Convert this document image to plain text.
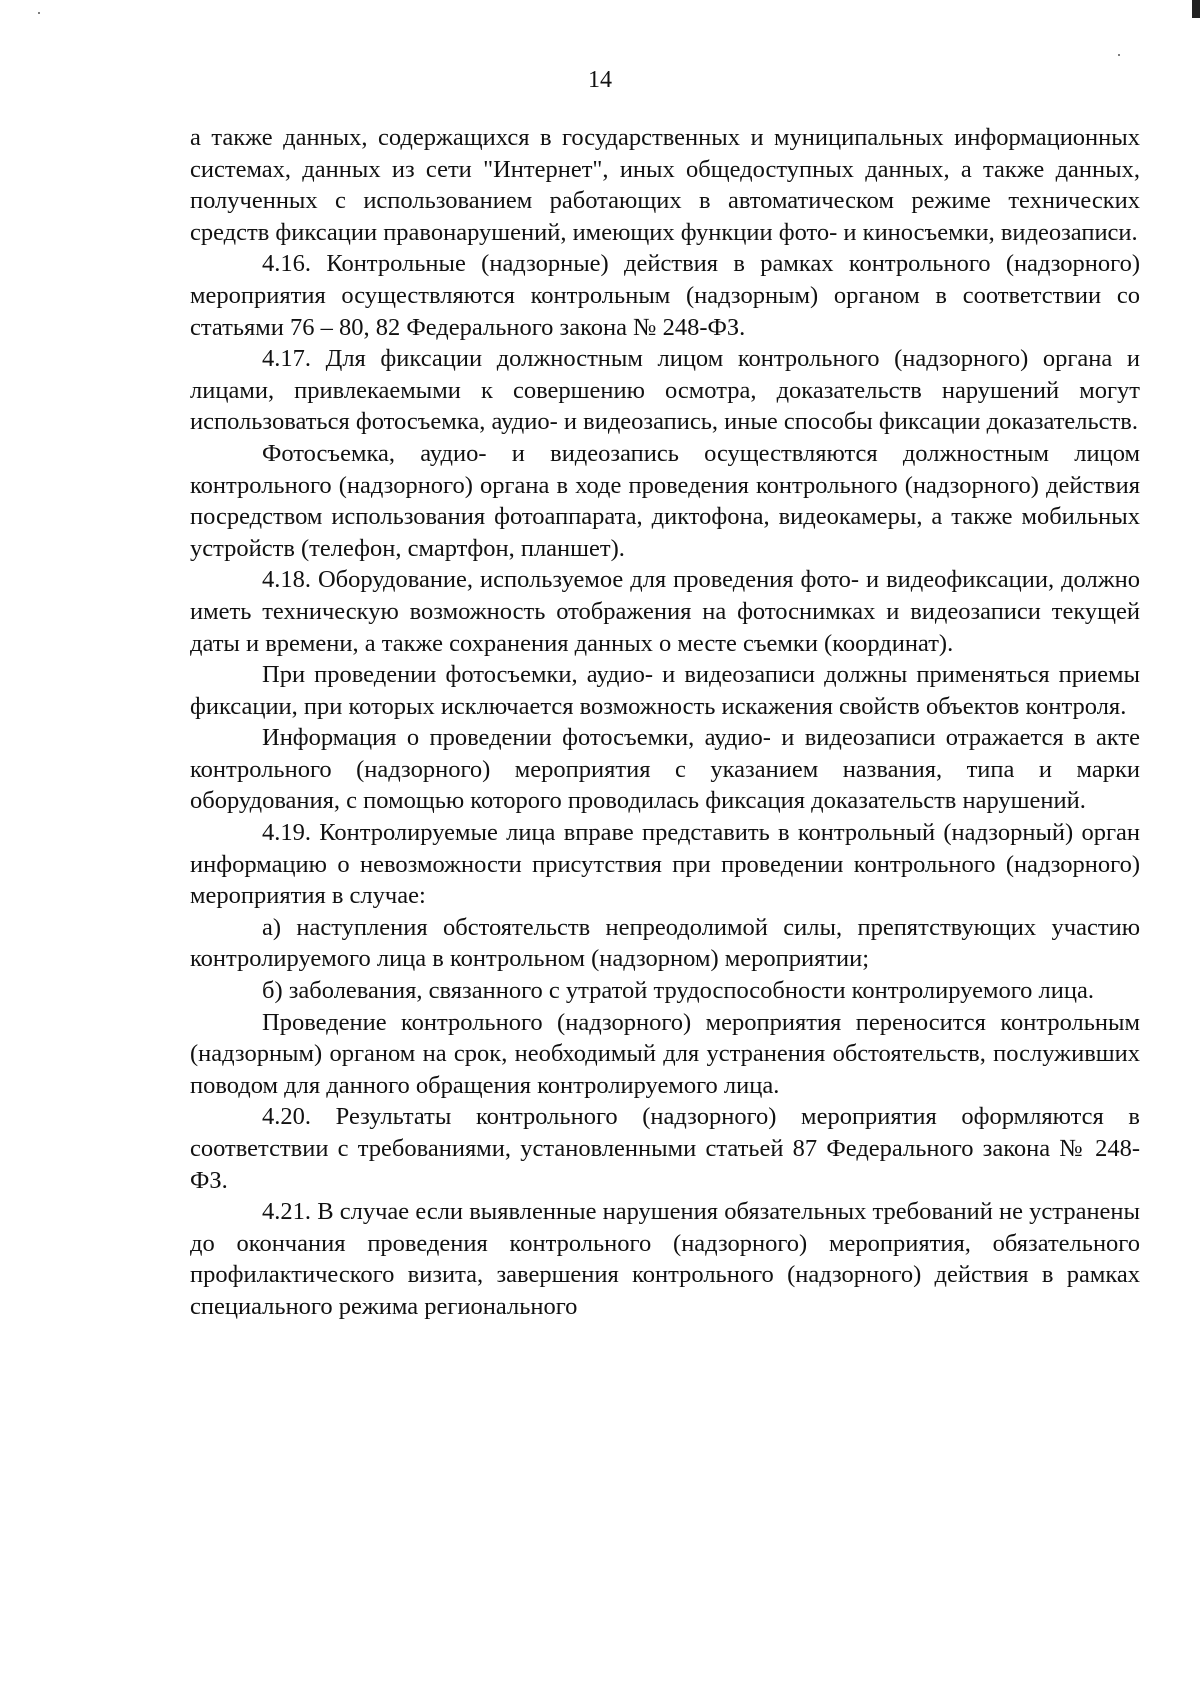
14

а также данных, содержащихся в государственных и муниципальных информационных системах, данных из сети "Интернет", иных общедоступных данных, а также данных, полученных с использованием работающих в автоматическом режиме технических средств фиксации правонарушений, имеющих функции фото- и киносъемки, видеозаписи.

4.16. Контрольные (надзорные) действия в рамках контрольного (надзорного) мероприятия осуществляются контрольным (надзорным) органом в соответствии со статьями 76 – 80, 82 Федерального закона № 248-ФЗ.

4.17. Для фиксации должностным лицом контрольного (надзорного) органа и лицами, привлекаемыми к совершению осмотра, доказательств нарушений могут использоваться фотосъемка, аудио- и видеозапись, иные способы фиксации доказательств.

Фотосъемка, аудио- и видеозапись осуществляются должностным лицом контрольного (надзорного) органа в ходе проведения контрольного (надзорного) действия посредством использования фотоаппарата, диктофона, видеокамеры, а также мобильных устройств (телефон, смартфон, планшет).

4.18. Оборудование, используемое для проведения фото- и видеофиксации, должно иметь техническую возможность отображения на фотоснимках и видеозаписи текущей даты и времени, а также сохранения данных о месте съемки (координат).

При проведении фотосъемки, аудио- и видеозаписи должны применяться приемы фиксации, при которых исключается возможность искажения свойств объектов контроля.

Информация о проведении фотосъемки, аудио- и видеозаписи отражается в акте контрольного (надзорного) мероприятия с указанием названия, типа и марки оборудования, с помощью которого проводилась фиксация доказательств нарушений.

4.19. Контролируемые лица вправе представить в контрольный (надзорный) орган информацию о невозможности присутствия при проведении контрольного (надзорного) мероприятия в случае:

а) наступления обстоятельств непреодолимой силы, препятствующих участию контролируемого лица в контрольном (надзорном) мероприятии;

б) заболевания, связанного с утратой трудоспособности контролируемого лица.

Проведение контрольного (надзорного) мероприятия переносится контрольным (надзорным) органом на срок, необходимый для устранения обстоятельств, послуживших поводом для данного обращения контролируемого лица.

4.20. Результаты контрольного (надзорного) мероприятия оформляются в соответствии с требованиями, установленными статьей 87 Федерального закона № 248-ФЗ.

4.21. В случае если выявленные нарушения обязательных требований не устранены до окончания проведения контрольного (надзорного) мероприятия, обязательного профилактического визита, завершения контрольного (надзорного) действия в рамках специального режима регионального
